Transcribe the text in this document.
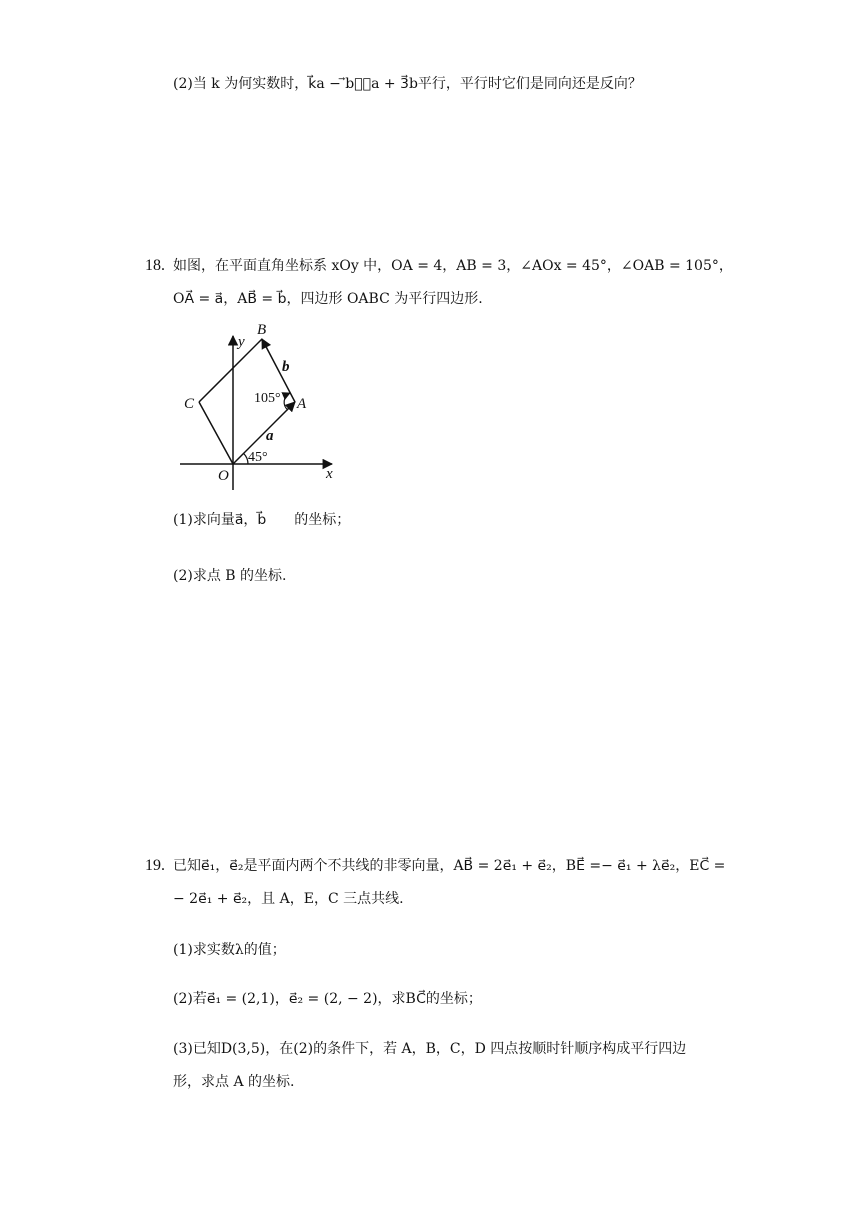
(2)当 k 为何实数时，k⃗a − ⃗b与⃗a + 3⃗b平行，平行时它们是同向还是反向？
18. 如图，在平面直角坐标系 xOy 中，OA = 4，AB = 3，∠AOx = 45°，∠OAB = 105°，
OA⃗ = a⃗，AB⃗ = b⃗，四边形 OABC 为平行四边形.
B
y
b
C	105° A
a
45°
O	x
(1)求向量a⃗，b⃗　　的坐标；
(2)求点 B 的坐标.
19. 已知e⃗₁，e⃗₂是平面内两个不共线的非零向量，AB⃗ = 2e⃗₁ + e⃗₂，BE⃗ =− e⃗₁ + λe⃗₂，EC⃗ =
− 2e⃗₁ + e⃗₂，且 A，E，C 三点共线.
(1)求实数λ的值；
(2)若e⃗₁ = (2,1)，e⃗₂ = (2, − 2)，求BC⃗的坐标；
(3)已知D(3,5)，在(2)的条件下，若 A，B，C，D 四点按顺时针顺序构成平行四边
形，求点 A 的坐标.
